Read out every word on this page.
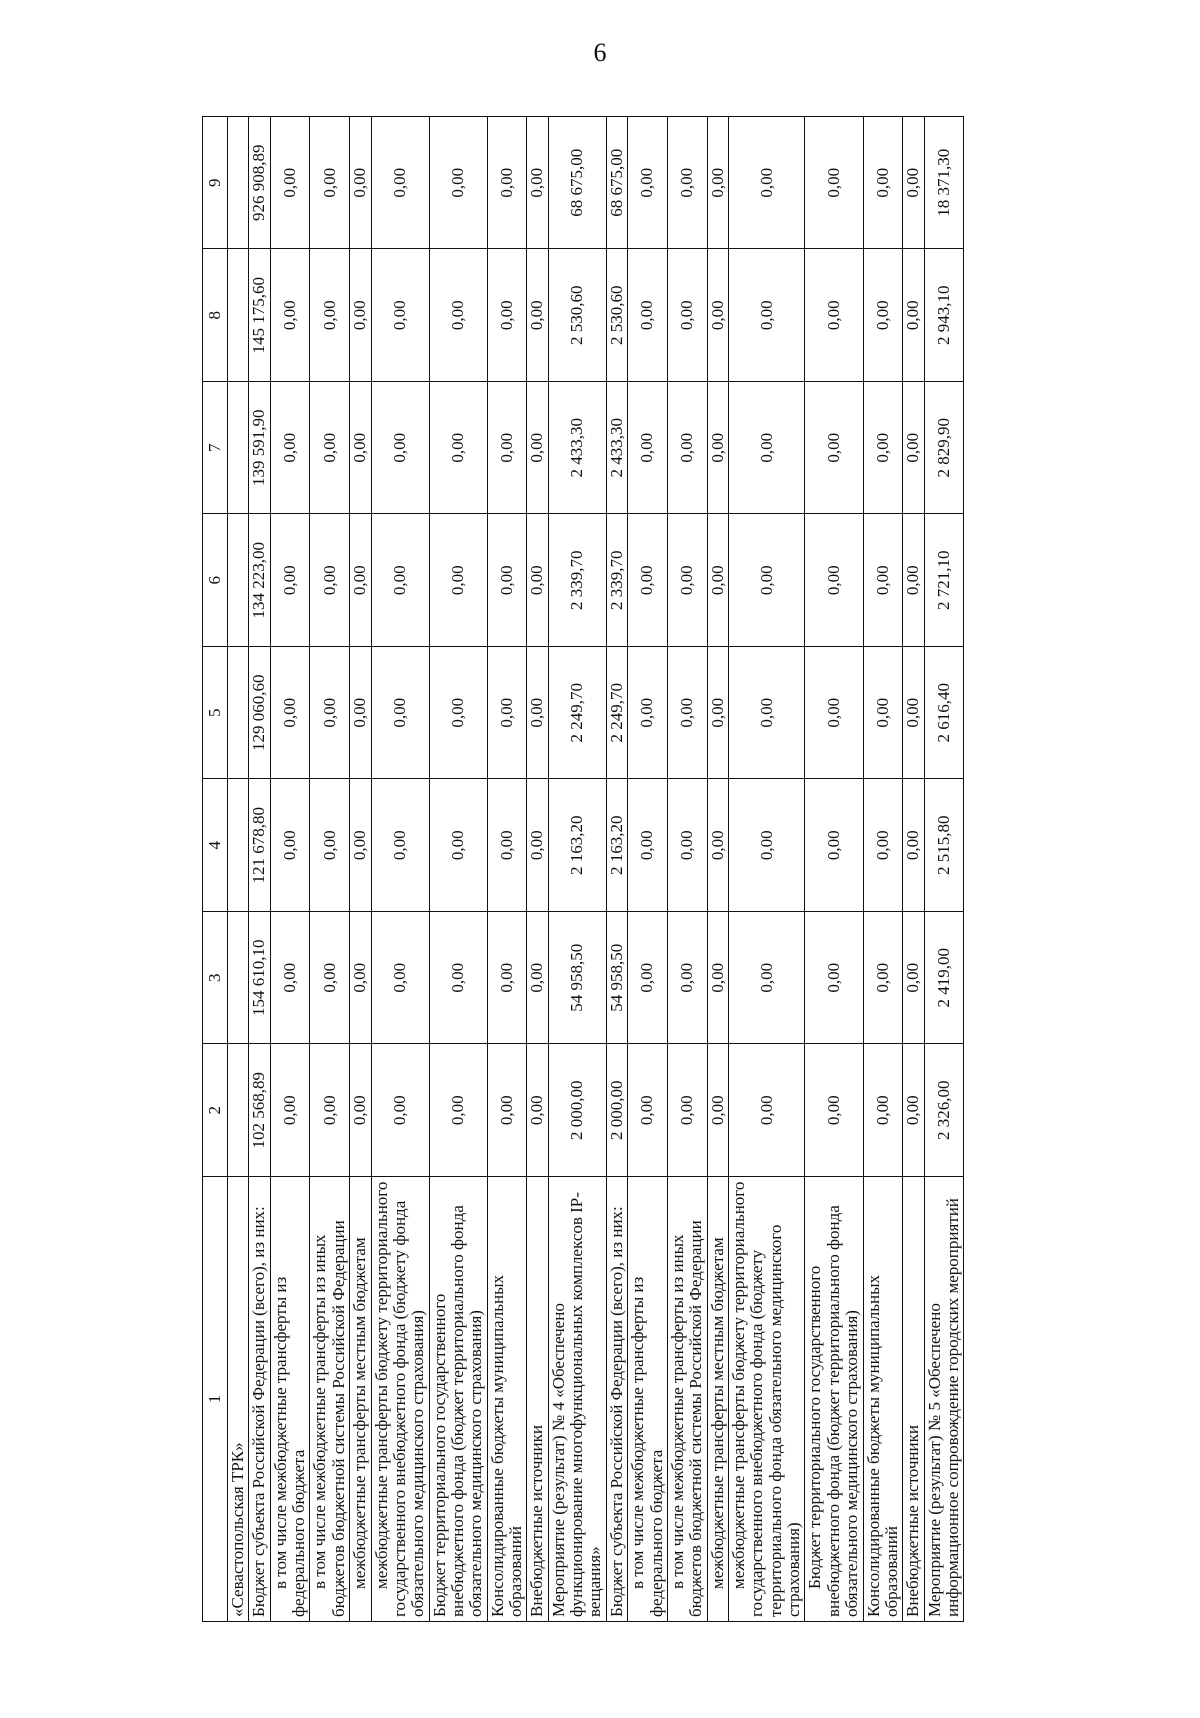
6
1	2	3	4	5	6	7	8	9
«Севастопольская ТРК»								
Бюджет субъекта Российской Федерации (всего), из них:	102 568,89	154 610,10	121 678,80	129 060,60	134 223,00	139 591,90	145 175,60	926 908,89
в том числе межбюджетные трансферты из федерального бюджета	0,00	0,00	0,00	0,00	0,00	0,00	0,00	0,00
в том числе межбюджетные трансферты из иных бюджетов бюджетной системы Российской Федерации	0,00	0,00	0,00	0,00	0,00	0,00	0,00	0,00
межбюджетные трансферты местным бюджетам	0,00	0,00	0,00	0,00	0,00	0,00	0,00	0,00
межбюджетные трансферты бюджету территориального государственного внебюджетного фонда (бюджету фонда обязательного медицинского страхования)	0,00	0,00	0,00	0,00	0,00	0,00	0,00	0,00
Бюджет территориального государственного внебюджетного фонда (бюджет территориального фонда обязательного медицинского страхования)	0,00	0,00	0,00	0,00	0,00	0,00	0,00	0,00
Консолидированные бюджеты муниципальных образований	0,00	0,00	0,00	0,00	0,00	0,00	0,00	0,00
Внебюджетные источники	0,00	0,00	0,00	0,00	0,00	0,00	0,00	0,00
Мероприятие (результат) № 4 «Обеспечено функционирование многофункциональных комплексов IP-вещания»	2 000,00	54 958,50	2 163,20	2 249,70	2 339,70	2 433,30	2 530,60	68 675,00
Бюджет субъекта Российской Федерации (всего), из них:	2 000,00	54 958,50	2 163,20	2 249,70	2 339,70	2 433,30	2 530,60	68 675,00
в том числе межбюджетные трансферты из федерального бюджета	0,00	0,00	0,00	0,00	0,00	0,00	0,00	0,00
в том числе межбюджетные трансферты из иных бюджетов бюджетной системы Российской Федерации	0,00	0,00	0,00	0,00	0,00	0,00	0,00	0,00
межбюджетные трансферты местным бюджетам	0,00	0,00	0,00	0,00	0,00	0,00	0,00	0,00
межбюджетные трансферты бюджету территориального государственного внебюджетного фонда (бюджету территориального фонда обязательного медицинского страхования)	0,00	0,00	0,00	0,00	0,00	0,00	0,00	0,00
Бюджет территориального государственного внебюджетного фонда (бюджет территориального фонда обязательного медицинского страхования)	0,00	0,00	0,00	0,00	0,00	0,00	0,00	0,00
Консолидированные бюджеты муниципальных образований	0,00	0,00	0,00	0,00	0,00	0,00	0,00	0,00
Внебюджетные источники	0,00	0,00	0,00	0,00	0,00	0,00	0,00	0,00
Мероприятие (результат) № 5 «Обеспечено информационное сопровождение городских мероприятий	2 326,00	2 419,00	2 515,80	2 616,40	2 721,10	2 829,90	2 943,10	18 371,30
